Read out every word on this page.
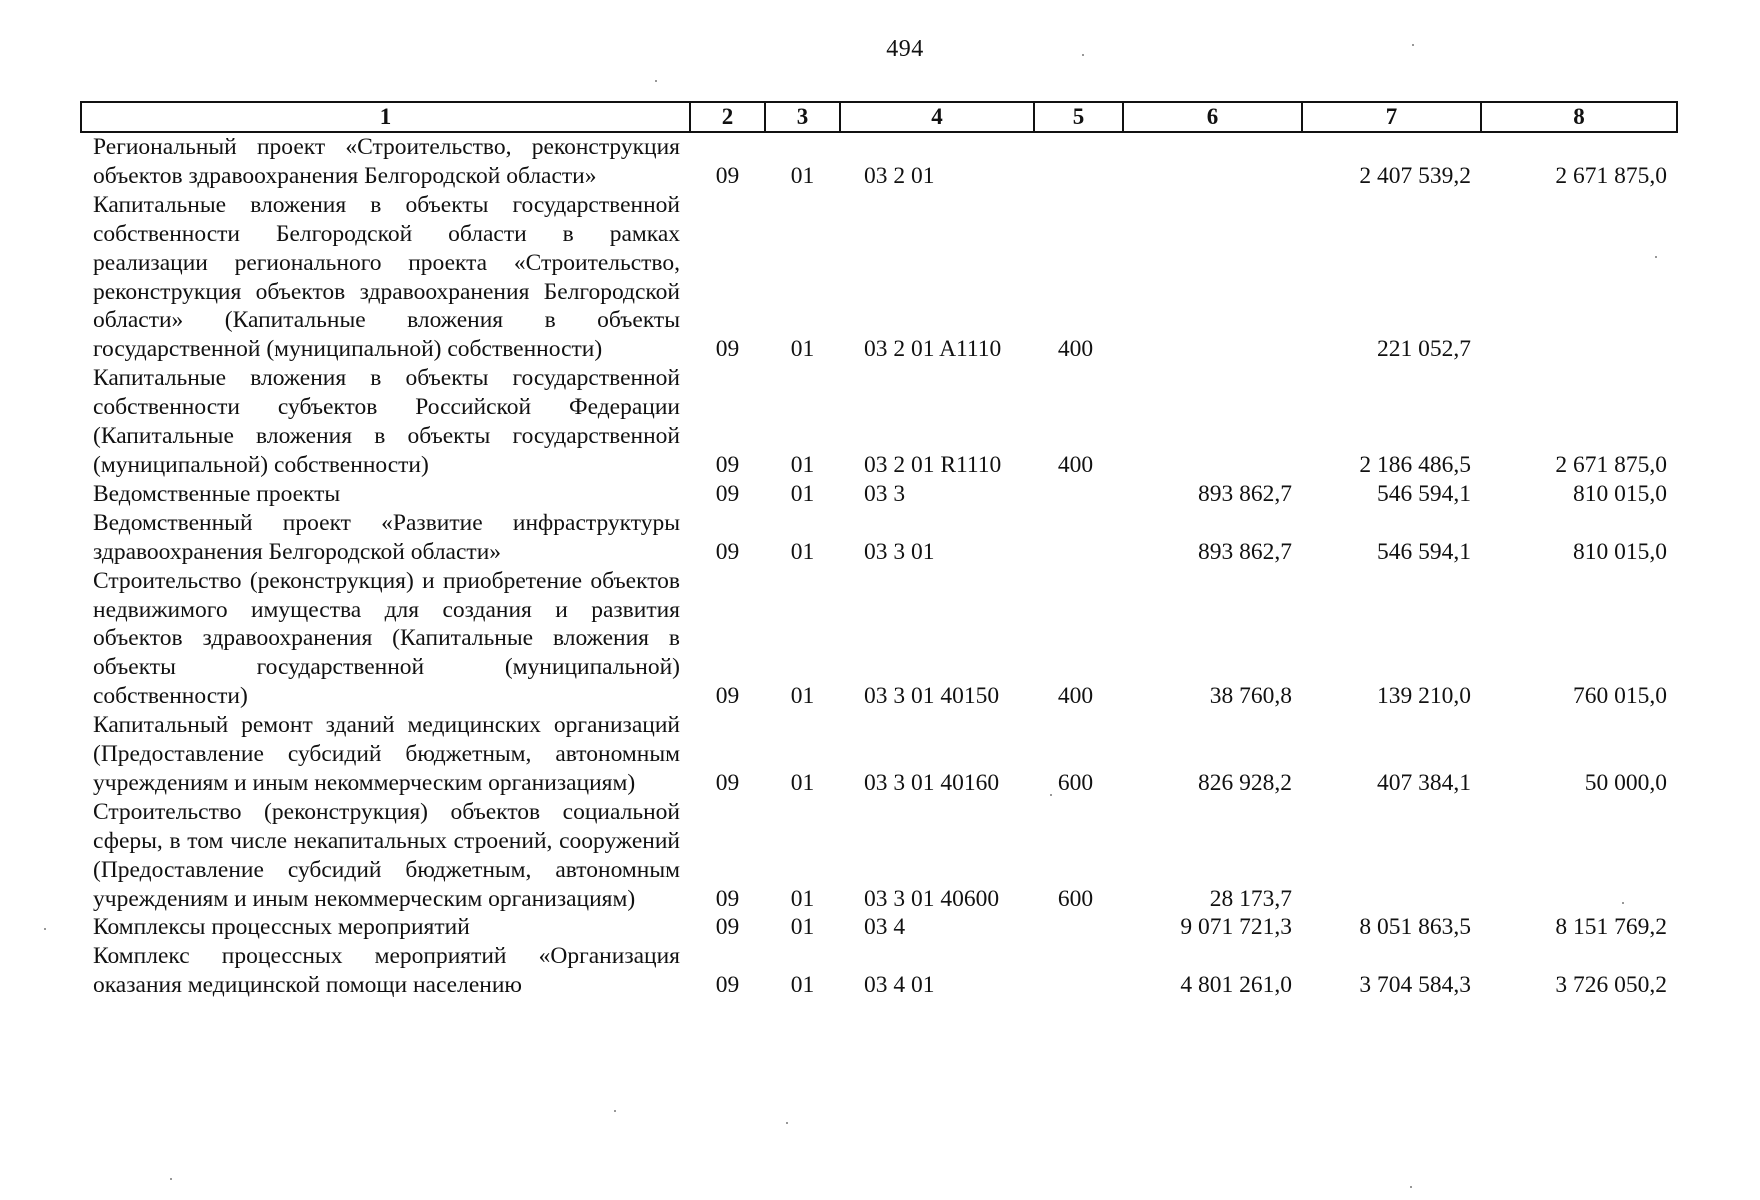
494
1	2	3	4	5	6	7	8
Региональный проект «Строительство, реконструкция объектов здравоохранения Белгородской области»	09	01	03 2 01			2 407 539,2	2 671 875,0
Капитальные вложения в объекты государственной собственности Белгородской области в рамках реализации регионального проекта «Строительство, реконструкция объектов здравоохранения Белгородской области» (Капитальные вложения в объекты государственной (муниципальной) собственности)	09	01	03 2 01 A1110	400		221 052,7	
Капитальные вложения в объекты государственной собственности субъектов Российской Федерации (Капитальные вложения в объекты государственной (муниципальной) собственности)	09	01	03 2 01 R1110	400		2 186 486,5	2 671 875,0
Ведомственные проекты	09	01	03 3		893 862,7	546 594,1	810 015,0
Ведомственный проект «Развитие инфраструктуры здравоохранения Белгородской области»	09	01	03 3 01		893 862,7	546 594,1	810 015,0
Строительство (реконструкция) и приобретение объектов недвижимого имущества для создания и развития объектов здравоохранения (Капитальные вложения в объекты государственной (муниципальной) собственности)	09	01	03 3 01 40150	400	38 760,8	139 210,0	760 015,0
Капитальный ремонт зданий медицинских организаций (Предоставление субсидий бюджетным, автономным учреждениям и иным некоммерческим организациям)	09	01	03 3 01 40160	600	826 928,2	407 384,1	50 000,0
Строительство (реконструкция) объектов социальной сферы, в том числе некапитальных строений, сооружений (Предоставление субсидий бюджетным, автономным учреждениям и иным некоммерческим организациям)	09	01	03 3 01 40600	600	28 173,7		
Комплексы процессных мероприятий	09	01	03 4		9 071 721,3	8 051 863,5	8 151 769,2
Комплекс процессных мероприятий «Организация оказания медицинской помощи населению	09	01	03 4 01		4 801 261,0	3 704 584,3	3 726 050,2
